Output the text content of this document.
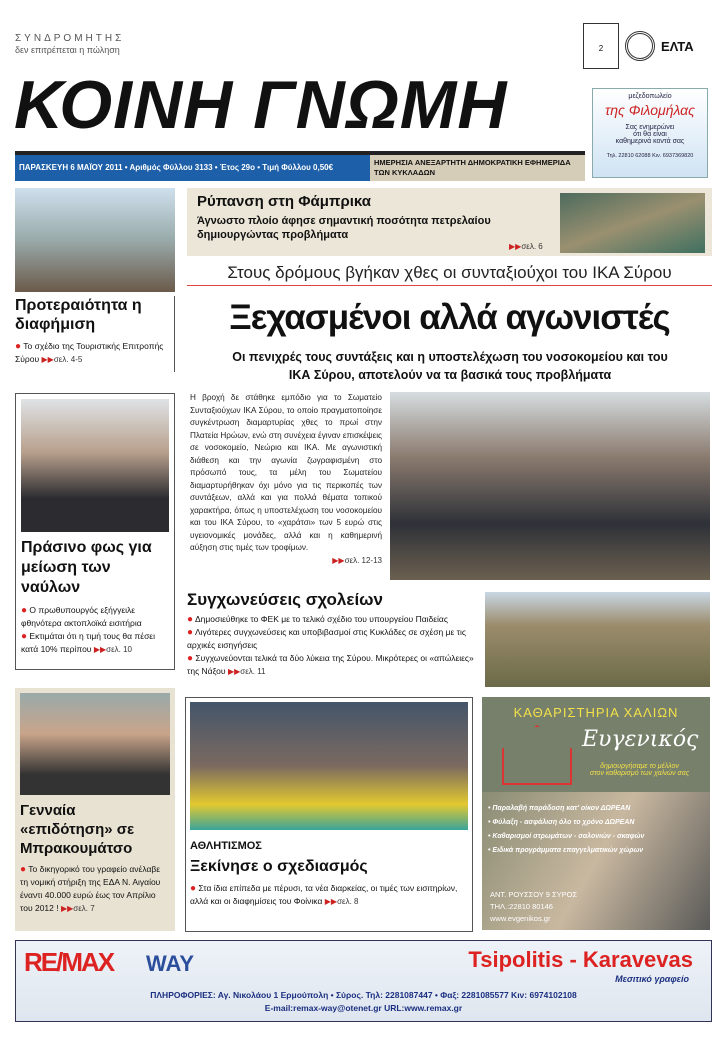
ΣΥΝΔΡΟΜΗΤΗΣ
δεν επιτρέπεται η πώληση
ΚΟΙΝΗ ΓΝΩΜΗ
ΠΑΡΑΣΚΕΥΗ 6 ΜΑΪΟΥ 2011 • Αριθμός Φύλλου 3133 • Έτος 29ο • Τιμή Φύλλου 0,50€
ΗΜΕΡΗΣΙΑ ΑΝΕΞΑΡΤΗΤΗ ΔΗΜΟΚΡΑΤΙΚΗ ΕΦΗΜΕΡΙΔΑ ΤΩΝ ΚΥΚΛΑΔΩΝ

2	ΕΛΤΑ
μεζεδοπωλείο
της Φιλομήλας
Σας ενημερώνει
ότι θα είναι
καθημερινά κοντά σας
Τηλ. 22810 62088 Κιν. 6937369820
Προτεραιότητα η διαφήμιση
● Το σχέδιο της Τουριστικής Επιτροπής Σύρου ▶▶σελ. 4-5
Πράσινο φως για μείωση των ναύλων
● Ο πρωθυπουργός εξήγγειλε φθηνότερα ακτοπλοϊκά εισιτήρια
● Εκτιμάται ότι η τιμή τους θα πέσει κατά 10% περίπου ▶▶σελ. 10
Γενναία «επιδότηση» σε Μπρακουμάτσο
● Το δικηγορικό του γραφείο ανέλαβε τη νομική στήριξη της ΕΔΑ Ν. Αιγαίου έναντι 40.000 ευρώ έως τον Απρίλιο του 2012 ! ▶▶σελ. 7
Ρύπανση στη Φάμπρικα
Άγνωστο πλοίο άφησε σημαντική ποσότητα πετρελαίου δημιουργώντας προβλήματα
▶▶σελ. 6
Στους δρόμους βγήκαν χθες οι συνταξιούχοι του ΙΚΑ Σύρου
Ξεχασμένοι αλλά αγωνιστές
Οι πενιχρές τους συντάξεις και η υποστελέχωση του νοσοκομείου και του ΙΚΑ Σύρου, αποτελούν να τα βασικά τους προβλήματα
Η βροχή δε στάθηκε εμπόδιο για το Σωματείο Συνταξιούχων ΙΚΑ Σύρου, το οποίο πραγματοποίησε συγκέντρωση διαμαρτυρίας χθες το πρωί στην Πλατεία Ηρώων, ενώ στη συνέχεια έγιναν επισκέψεις σε νοσοκομείο, Νεώριο και ΙΚΑ. Με αγωνιστική διάθεση και την αγωνία ζωγραφισμένη στο πρόσωπό τους, τα μέλη του Σωματείου διαμαρτυρήθηκαν όχι μόνο για τις περικοπές των συντάξεων, αλλά και για πολλά θέματα τοπικού χαρακτήρα, όπως η υποστελέχωση του νοσοκομείου και του ΙΚΑ Σύρου, το «χαράτσι» των 5 ευρώ στις υγειονομικές μονάδες, αλλά και η καθημερινή αύξηση στις τιμές των τροφίμων.
▶▶σελ. 12-13
Συγχωνεύσεις σχολείων
● Δημοσιεύθηκε το ΦΕΚ με το τελικό σχέδιο του υπουργείου Παιδείας
● Λιγότερες συγχωνεύσεις και υποβιβασμοί στις Κυκλάδες σε σχέση με τις αρχικές εισηγήσεις
● Συγχωνεύονται τελικά τα δύο λύκεια της Σύρου. Μικρότερες οι «απώλειες» της Νάξου ▶▶σελ. 11
ΑΘΛΗΤΙΣΜΟΣ
Ξεκίνησε ο σχεδιασμός
● Στα ίδια επίπεδα με πέρυσι, τα νέα διαρκείας, οι τιμές των εισιτηρίων, αλλά και οι διαφημίσεις του Φοίνικα ▶▶σελ. 8
ΚΑΘΑΡΙΣΤΗΡΙΑ ΧΑΛΙΩΝ
Ευγενικός
δημιουργήσαμε το μέλλον
στον καθαρισμό των χαλιών σας
• Παραλαβή παράδοση κατ' οίκον ΔΩΡΕΑΝ
• Φύλαξη - ασφάλιση όλο το χρόνο ΔΩΡΕΑΝ
• Καθαρισμοί στρωμάτων - σαλονιών - σκαφών
• Ειδικά προγράμματα επαγγελματικών χώρων
ΑΝΤ. ΡΟΥΣΣΟΥ 9 ΣΥΡΟΣ
ΤΗΛ.:22810 80146
www.evgenikos.gr
RE/MAX WAY	Tsipolitis - Karavevas
Μεσιτικό γραφείο
ΠΛΗΡΟΦΟΡΙΕΣ: Αγ. Νικολάου 1 Ερμούπολη • Σύρος. Τηλ: 2281087447 • Φαξ: 2281085577 Κιν: 6974102108
E-mail:remax-way@otenet.gr URL:www.remax.gr
